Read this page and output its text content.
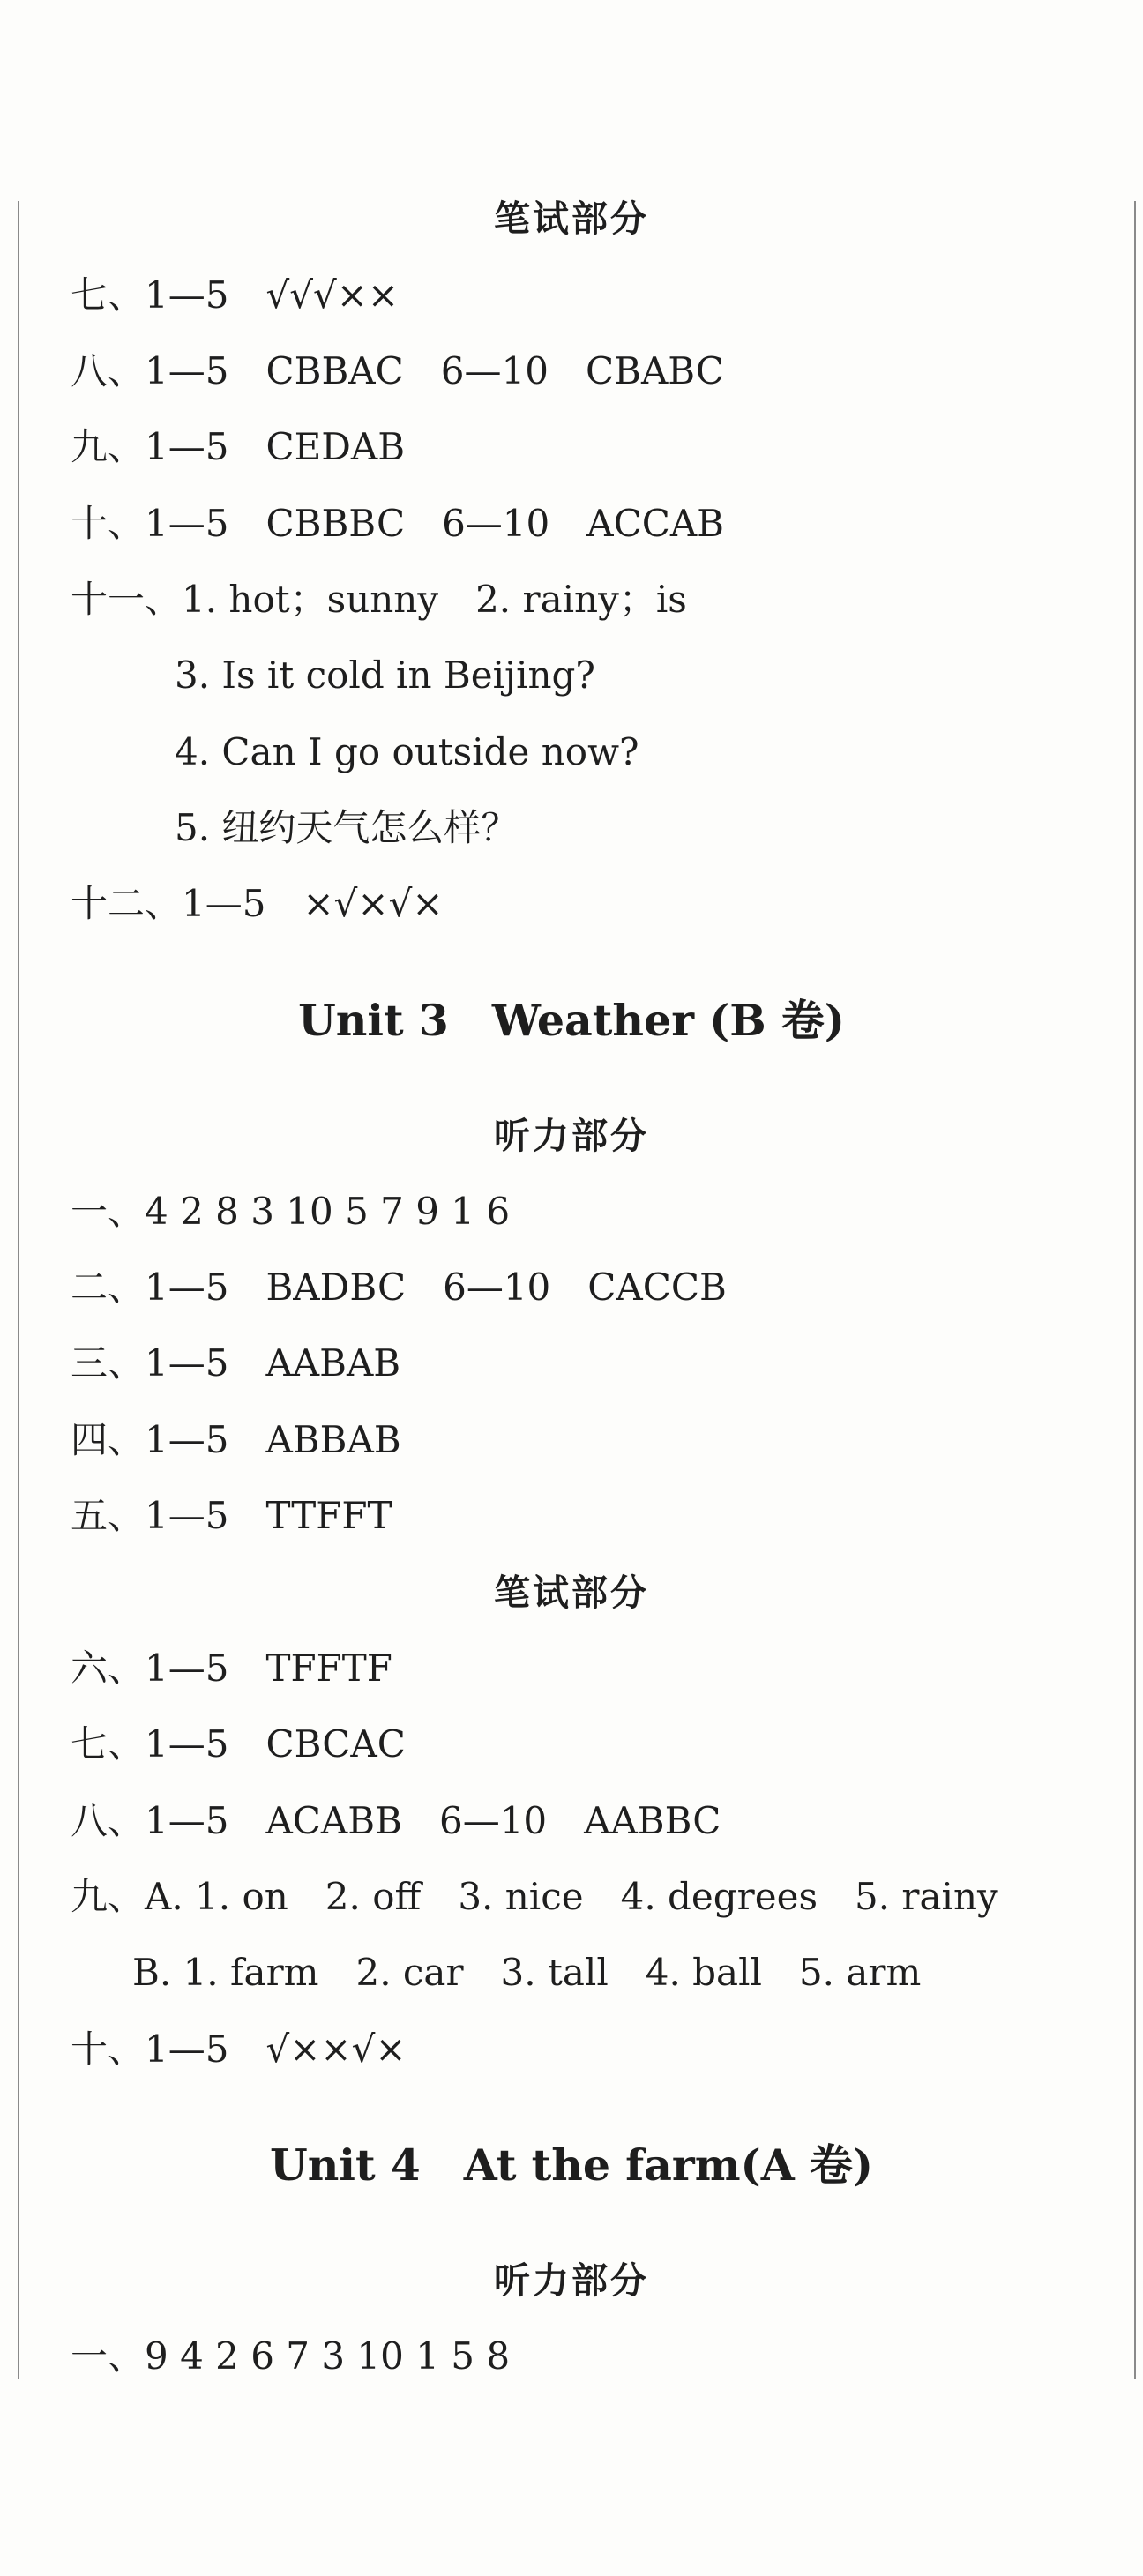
笔试部分
七、1—5　√√√××
八、1—5　CBBAC　6—10　CBABC
九、1—5　CEDAB
十、1—5　CBBBC　6—10　ACCAB
十一、1. hot；sunny　2. rainy；is
3. Is it cold in Beijing?
4. Can I go outside now?
5. 纽约天气怎么样？
十二、1—5　×√×√×
Unit 3　Weather (B 卷)
听力部分
一、4 2 8 3 10 5 7 9 1 6
二、1—5　BADBC　6—10　CACCB
三、1—5　AABAB
四、1—5　ABBAB
五、1—5　TTFFT
笔试部分
六、1—5　TFFTF
七、1—5　CBCAC
八、1—5　ACABB　6—10　AABBC
九、A. 1. on　2. off　3. nice　4. degrees　5. rainy
B. 1. farm　2. car　3. tall　4. ball　5. arm
十、1—5　√××√×
Unit 4　At the farm(A 卷)
听力部分
一、9 4 2 6 7 3 10 1 5 8
